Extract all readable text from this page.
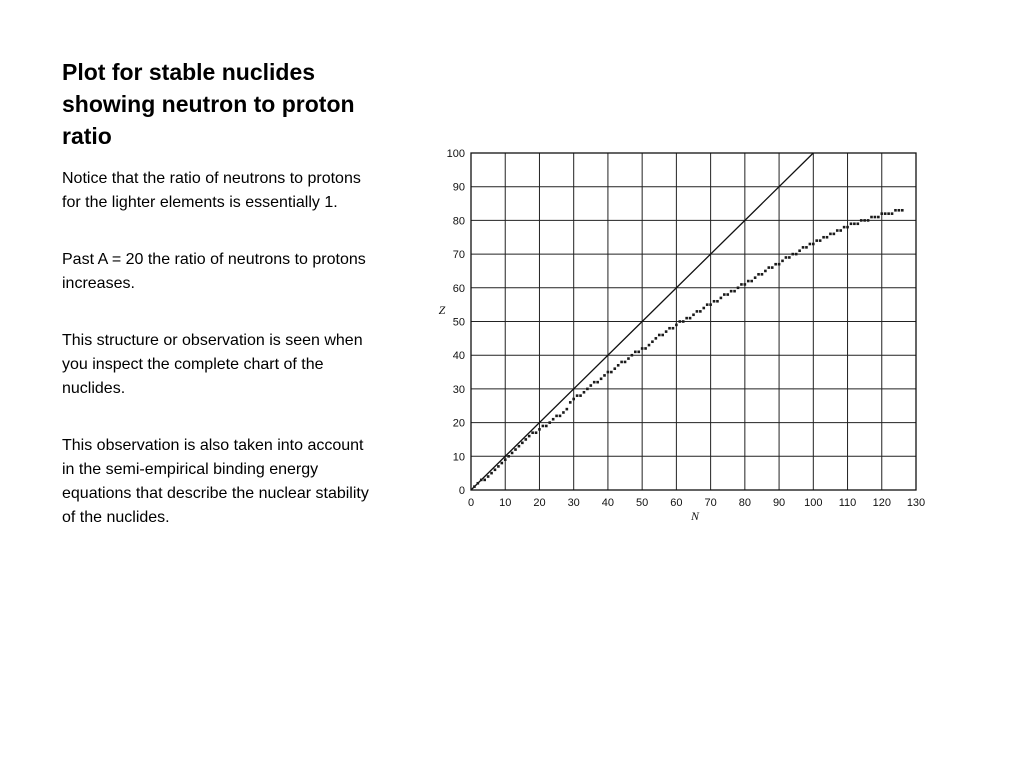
Plot for stable nuclides showing neutron to proton ratio

Notice that the ratio of neutrons to protons for the lighter elements is essentially 1.

Past A = 20 the ratio of neutrons to protons increases.

This structure or observation is seen when you inspect the complete chart of the nuclides.

This observation is also taken into account in the semi-empirical binding energy equations that describe the nuclear stability of the nuclides.

0 10 20 30 40 50 60 70 80 90 100 110 120 130
0
10
20
30
40
50
60
70
80
90
100
N
Z
